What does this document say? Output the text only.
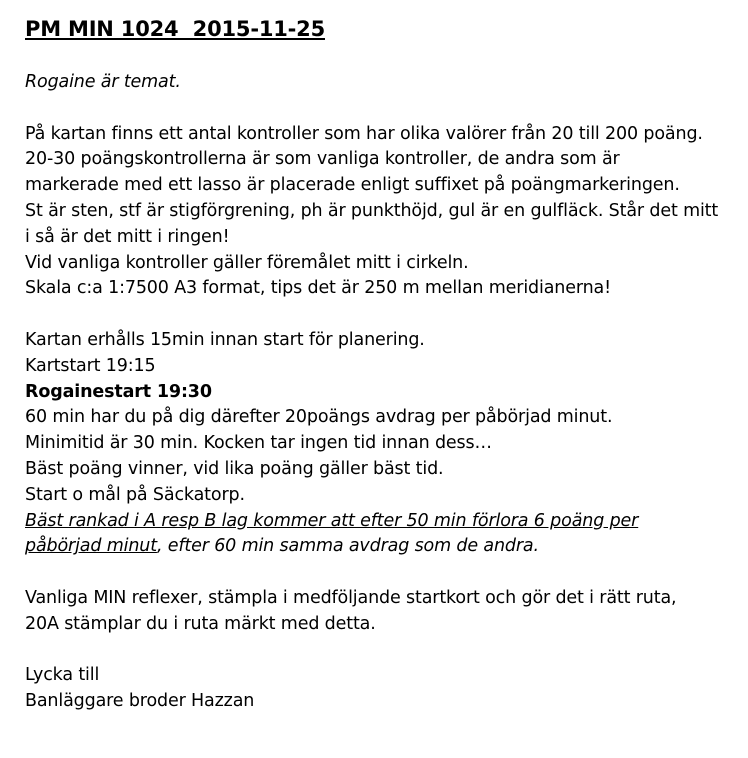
PM MIN 1024  2015-11-25
Rogaine är temat.
På kartan finns ett antal kontroller som har olika valörer från 20 till 200 poäng.
20-30 poängskontrollerna är som vanliga kontroller, de andra som är
markerade med ett lasso är placerade enligt suffixet på poängmarkeringen.
St är sten, stf är stigförgrening, ph är punkthöjd, gul är en gulfläck. Står det mitt
i så är det mitt i ringen!
Vid vanliga kontroller gäller föremålet mitt i cirkeln.
Skala c:a 1:7500 A3 format, tips det är 250 m mellan meridianerna!
Kartan erhålls 15min innan start för planering.
Kartstart 19:15
Rogainestart 19:30
60 min har du på dig därefter 20poängs avdrag per påbörjad minut.
Minimitid är 30 min. Kocken tar ingen tid innan dess…
Bäst poäng vinner, vid lika poäng gäller bäst tid.
Start o mål på Säckatorp.
Bäst rankad i A resp B lag kommer att efter 50 min förlora 6 poäng per
påbörjad minut, efter 60 min samma avdrag som de andra.
Vanliga MIN reflexer, stämpla i medföljande startkort och gör det i rätt ruta,
20A stämplar du i ruta märkt med detta.
Lycka till
Banläggare broder Hazzan
